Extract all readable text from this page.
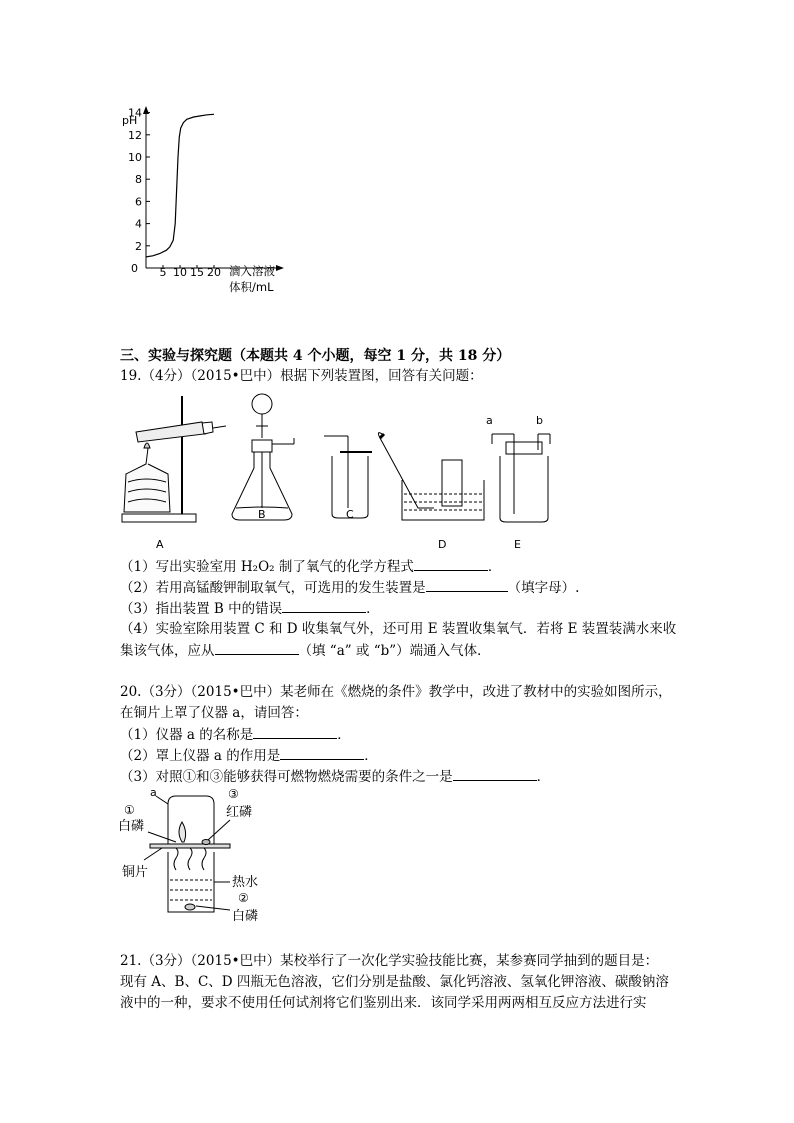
pH
0
2
4
6
8
10
12
14
5 10 15 20 滴入溶液
体积/mL
三、实验与探究题（本题共 4 个小题，每空 1 分，共 18 分）
19.（4分）（2015•巴中）根据下列装置图，回答有关问题：
A
B	C
D
a	b
E
（1）写出实验室用 H₂O₂ 制了氧气的化学方程式	．
（2）若用高锰酸钾制取氧气，可选用的发生装置是	（填字母）.
（3）指出装置 B 中的错误	．
（4）实验室除用装置 C 和 D 收集氧气外，还可用 E 装置收集氧气．若将 E 装置装满水来收
集该气体，应从	（填 “a” 或 “b”）端通入气体．
20.（3分）（2015•巴中）某老师在《燃烧的条件》教学中，改进了教材中的实验如图所示，
在铜片上罩了仪器 a，请回答：
（1）仪器 a 的名称是	．
（2）罩上仪器 a 的作用是	．
（3）对照①和③能够获得可燃物燃烧需要的条件之一是	．
a
①
白磷
③
红磷
铜片
热水
②
白磷
21.（3分）（2015•巴中）某校举行了一次化学实验技能比赛，某参赛同学抽到的题目是：
现有 A、B、C、D 四瓶无色溶液，它们分别是盐酸、氯化钙溶液、氢氧化钾溶液、碳酸钠溶
液中的一种，要求不使用任何试剂将它们鉴别出来．该同学采用两两相互反应方法进行实
